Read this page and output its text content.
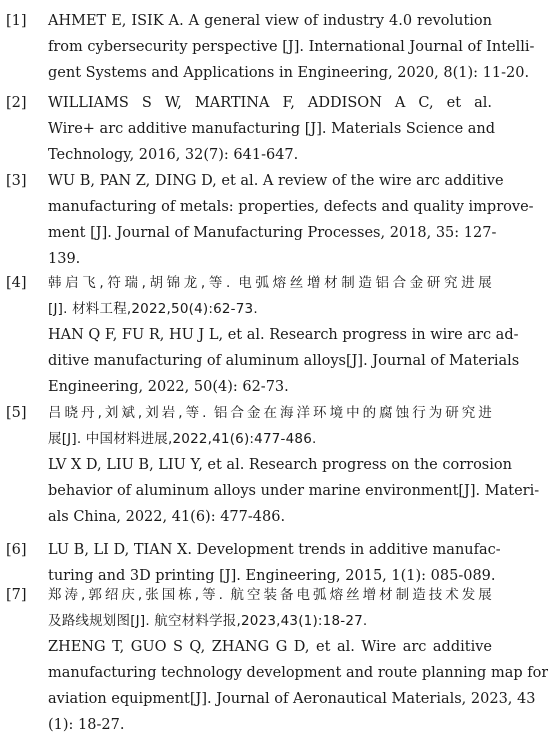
[1]	AHMET E, ISIK A. A general view of industry 4.0 revolution
from cybersecurity perspective [J]. International Journal of Intelli-
gent Systems and Applications in Engineering, 2020, 8(1): 11-20.
[2]	WILLIAMS S W, MARTINA F, ADDISON A C, et al.
Wire+ arc additive manufacturing [J]. Materials Science and
Technology, 2016, 32(7): 641-647.
[3]	WU B, PAN Z, DING D, et al. A review of the wire arc additive
manufacturing of metals: properties, defects and quality improve-
ment [J]. Journal of Manufacturing Processes, 2018, 35: 127-
139.
[4]	韩启飞,符瑞,胡锦龙,等. 电弧熔丝增材制造铝合金研究进展
[J]. 材料工程,2022,50(4):62-73.
HAN Q F, FU R, HU J L, et al. Research progress in wire arc ad-
ditive manufacturing of aluminum alloys[J]. Journal of Materials
Engineering, 2022, 50(4): 62-73.
[5]	吕晓丹,刘斌,刘岩,等. 铝合金在海洋环境中的腐蚀行为研究进
展[J]. 中国材料进展,2022,41(6):477-486.
LV X D, LIU B, LIU Y, et al. Research progress on the corrosion
behavior of aluminum alloys under marine environment[J]. Materi-
als China, 2022, 41(6): 477-486.
[6]	LU B, LI D, TIAN X. Development trends in additive manufac-
turing and 3D printing [J]. Engineering, 2015, 1(1): 085-089.
[7]	郑涛,郭绍庆,张国栋,等. 航空装备电弧熔丝增材制造技术发展
及路线规划图[J]. 航空材料学报,2023,43(1):18-27.
ZHENG T, GUO S Q, ZHANG G D, et al. Wire arc additive
manufacturing technology development and route planning map for
aviation equipment[J]. Journal of Aeronautical Materials, 2023, 43
(1): 18-27.
